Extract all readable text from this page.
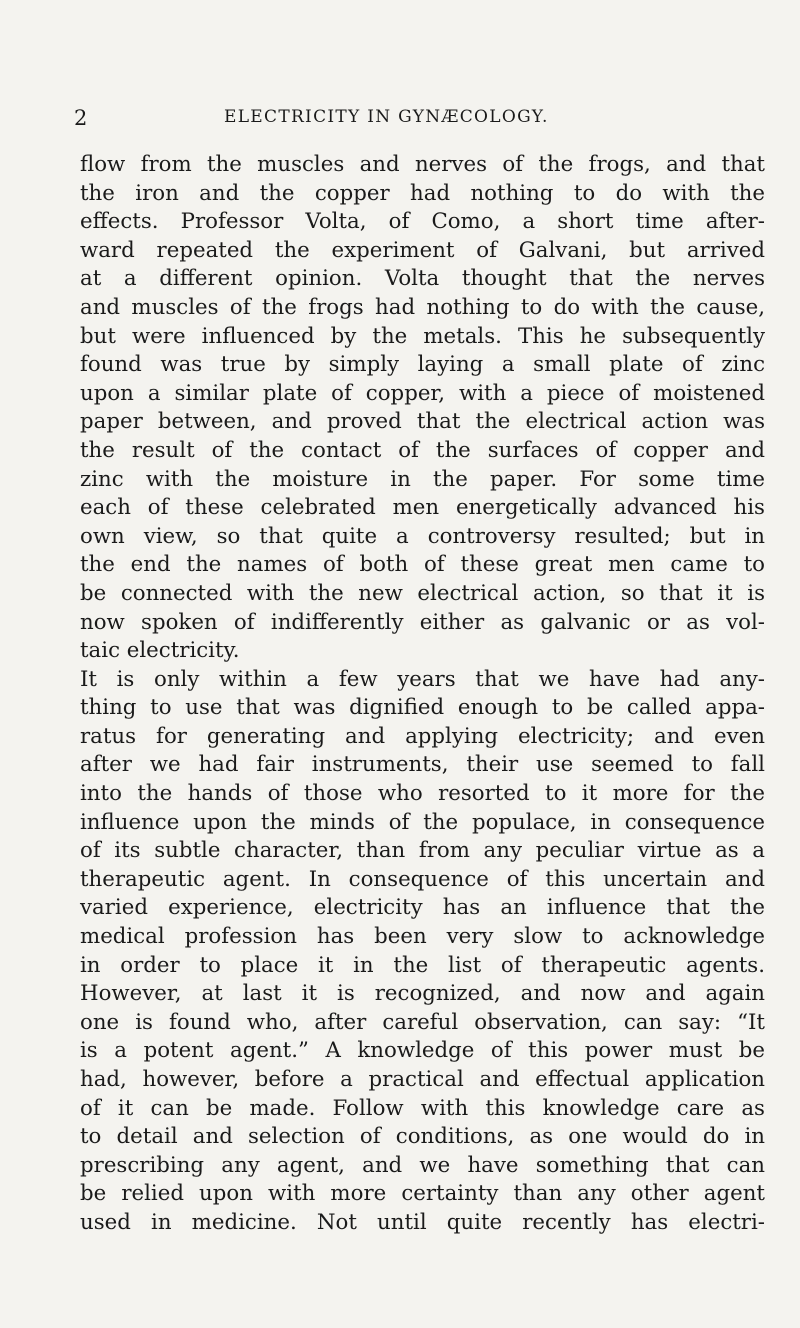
2	ELECTRICITY IN GYNÆCOLOGY.
flow from the muscles and nerves of the frogs, and that
the iron and the copper had nothing to do with the
effects. Professor Volta, of Como, a short time after-
ward repeated the experiment of Galvani, but arrived
at a different opinion. Volta thought that the nerves
and muscles of the frogs had nothing to do with the cause,
but were influenced by the metals. This he subsequently
found was true by simply laying a small plate of zinc
upon a similar plate of copper, with a piece of moistened
paper between, and proved that the electrical action was
the result of the contact of the surfaces of copper and
zinc with the moisture in the paper. For some time
each of these celebrated men energetically advanced his
own view, so that quite a controversy resulted; but in
the end the names of both of these great men came to
be connected with the new electrical action, so that it is
now spoken of indifferently either as galvanic or as vol-
taic electricity.
It is only within a few years that we have had any-
thing to use that was dignified enough to be called appa-
ratus for generating and applying electricity; and even
after we had fair instruments, their use seemed to fall
into the hands of those who resorted to it more for the
influence upon the minds of the populace, in consequence
of its subtle character, than from any peculiar virtue as a
therapeutic agent. In consequence of this uncertain and
varied experience, electricity has an influence that the
medical profession has been very slow to acknowledge
in order to place it in the list of therapeutic agents.
However, at last it is recognized, and now and again
one is found who, after careful observation, can say: “It
is a potent agent.” A knowledge of this power must be
had, however, before a practical and effectual application
of it can be made. Follow with this knowledge care as
to detail and selection of conditions, as one would do in
prescribing any agent, and we have something that can
be relied upon with more certainty than any other agent
used in medicine. Not until quite recently has electri-
